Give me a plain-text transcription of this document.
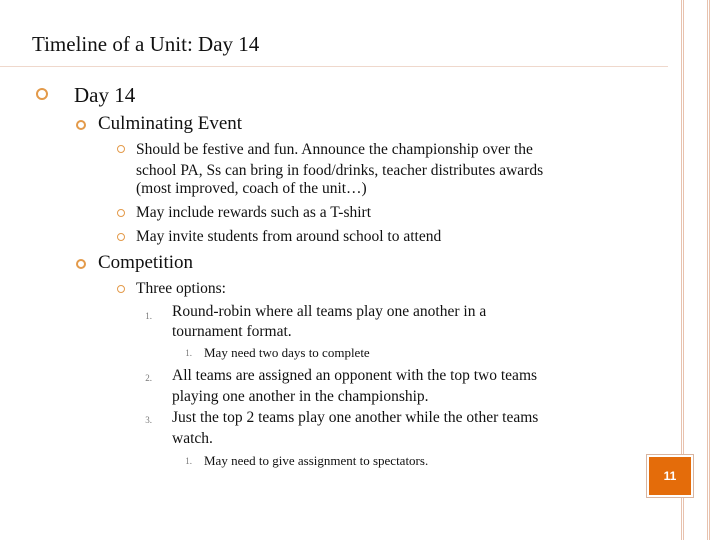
Timeline of a Unit: Day 14
Day 14
Culminating Event
Should be festive and fun. Announce the championship over the
school PA, Ss can bring in food/drinks, teacher distributes awards
(most improved, coach of the unit…)
May include rewards such as a T-shirt
May invite students from around school to attend
Competition
Three options:
1. Round-robin where all teams play one another in a
tournament format.
1. May need two days to complete
2. All teams are assigned an opponent with the top two teams
playing one another in the championship.
3. Just the top 2 teams play one another while the other teams
watch.
1. May need to give assignment to spectators.
11
